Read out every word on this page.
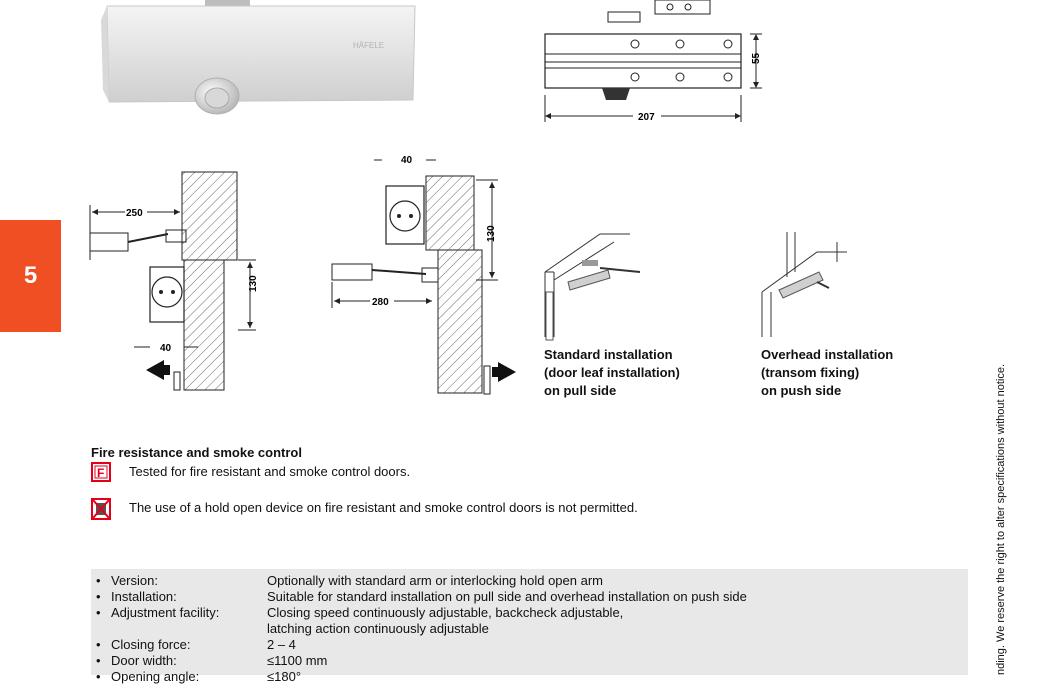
5
HÄFELE
55
207
250
130
40
40
130
280
Standard installation
(door leaf installation)
on pull side
Overhead installation
(transom fixing)
on push side
Fire resistance and smoke control
F Tested for fire resistant and smoke control doors.
The use of a hold open device on fire resistant and smoke control doors is not permitted.
• Version:	Optionally with standard arm or interlocking hold open arm
• Installation:	Suitable for standard installation on pull side and overhead installation on push side
• Adjustment facility:	Closing speed continuously adjustable, backcheck adjustable,
latching action continuously adjustable
• Closing force:	2 – 4
• Door width:	≤1100 mm
• Opening angle:	≤180°
nding. We reserve the right to alter specifications without notice.
